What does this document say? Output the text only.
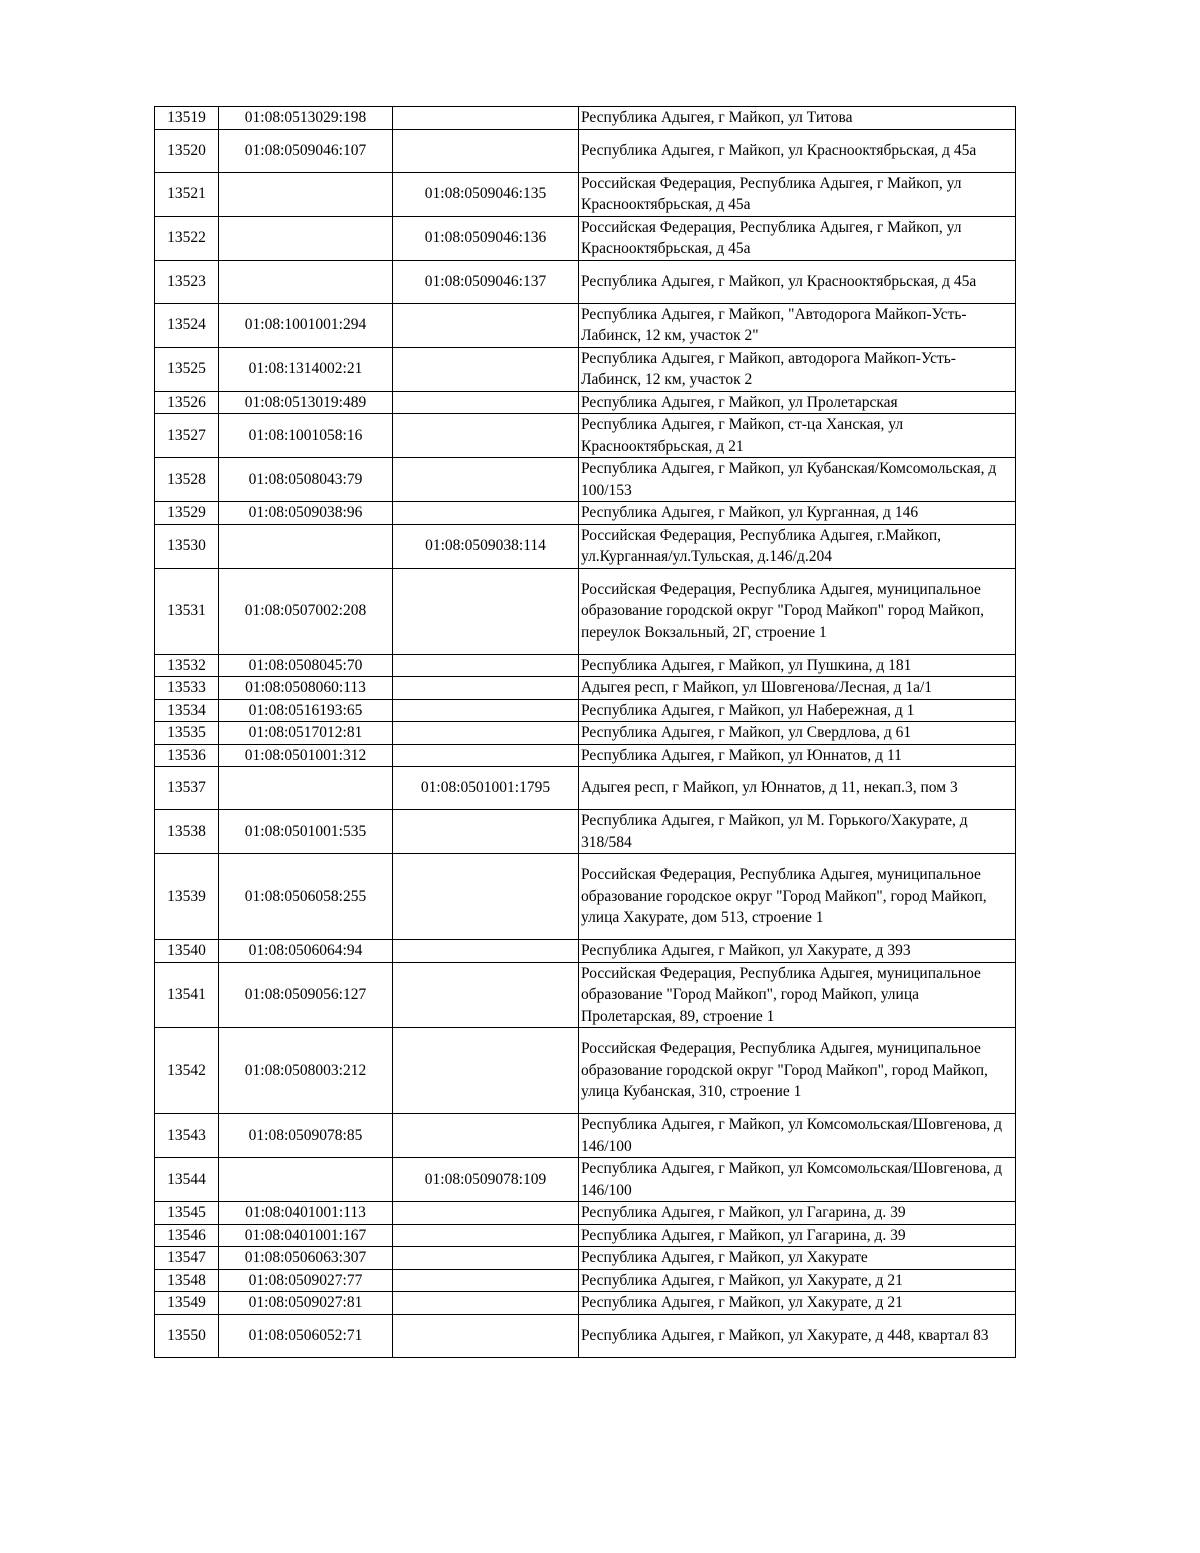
13519	01:08:0513029:198		Республика Адыгея, г Майкоп, ул Титова
13520	01:08:0509046:107		Республика Адыгея, г Майкоп, ул Краснооктябрьская, д 45а
13521		01:08:0509046:135	Российская Федерация, Республика Адыгея, г Майкоп, ул Краснооктябрьская, д 45а
13522		01:08:0509046:136	Российская Федерация, Республика Адыгея, г Майкоп, ул Краснооктябрьская, д 45а
13523		01:08:0509046:137	Республика Адыгея, г Майкоп, ул Краснооктябрьская, д 45а
13524	01:08:1001001:294		Республика Адыгея, г Майкоп, "Автодорога Майкоп-Усть-Лабинск, 12 км, участок 2"
13525	01:08:1314002:21		Республика Адыгея, г Майкоп, автодорога Майкоп-Усть-Лабинск, 12 км, участок 2
13526	01:08:0513019:489		Республика Адыгея, г Майкоп, ул Пролетарская
13527	01:08:1001058:16		Республика Адыгея, г Майкоп, ст-ца Ханская, ул Краснооктябрьская, д 21
13528	01:08:0508043:79		Республика Адыгея, г Майкоп, ул Кубанская/Комсомольская, д 100/153
13529	01:08:0509038:96		Республика Адыгея, г Майкоп, ул Курганная, д 146
13530		01:08:0509038:114	Российская Федерация, Республика Адыгея, г.Майкоп, ул.Курганная/ул.Тульская, д.146/д.204
13531	01:08:0507002:208		Российская Федерация, Республика Адыгея, муниципальное образование городской округ "Город Майкоп" город Майкоп, переулок Вокзальный, 2Г, строение 1
13532	01:08:0508045:70		Республика Адыгея, г Майкоп, ул Пушкина, д 181
13533	01:08:0508060:113		Адыгея респ, г Майкоп, ул Шовгенова/Лесная, д 1а/1
13534	01:08:0516193:65		Республика Адыгея, г Майкоп, ул Набережная, д 1
13535	01:08:0517012:81		Республика Адыгея, г Майкоп, ул Свердлова, д 61
13536	01:08:0501001:312		Республика Адыгея, г Майкоп, ул Юннатов, д 11
13537		01:08:0501001:1795	Адыгея респ, г Майкоп, ул Юннатов, д 11, некап.3, пом 3
13538	01:08:0501001:535		Республика Адыгея, г Майкоп, ул М. Горького/Хакурате, д 318/584
13539	01:08:0506058:255		Российская Федерация, Республика Адыгея, муниципальное образование городское округ "Город Майкоп", город Майкоп, улица Хакурате, дом 513, строение 1
13540	01:08:0506064:94		Республика Адыгея, г Майкоп, ул Хакурате, д 393
13541	01:08:0509056:127		Российская Федерация, Республика Адыгея, муниципальное образование "Город Майкоп", город Майкоп, улица Пролетарская, 89, строение 1
13542	01:08:0508003:212		Российская Федерация, Республика Адыгея, муниципальное образование городской округ "Город Майкоп", город Майкоп, улица Кубанская, 310, строение 1
13543	01:08:0509078:85		Республика Адыгея, г Майкоп, ул Комсомольская/Шовгенова, д 146/100
13544		01:08:0509078:109	Республика Адыгея, г Майкоп, ул Комсомольская/Шовгенова, д 146/100
13545	01:08:0401001:113		Республика Адыгея, г Майкоп, ул Гагарина, д. 39
13546	01:08:0401001:167		Республика Адыгея, г Майкоп, ул Гагарина, д. 39
13547	01:08:0506063:307		Республика Адыгея, г Майкоп, ул Хакурате
13548	01:08:0509027:77		Республика Адыгея, г Майкоп, ул Хакурате, д 21
13549	01:08:0509027:81		Республика Адыгея, г Майкоп, ул Хакурате, д 21
13550	01:08:0506052:71		Республика Адыгея, г Майкоп, ул Хакурате, д 448, квартал 83
